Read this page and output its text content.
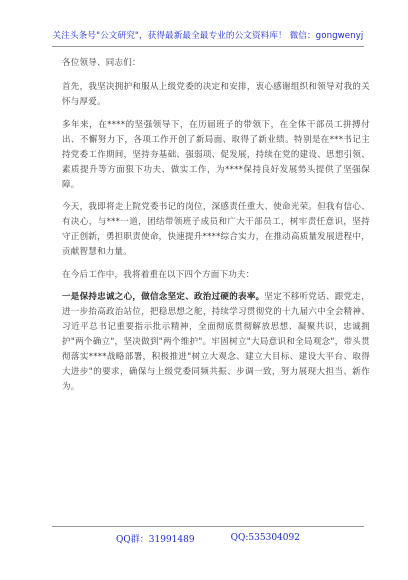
关注头条号"公文研究"，获得最新最全最专业的公文资料库！ 微信：gongwenyj

各位领导、同志们：

首先，我坚决拥护和服从上级党委的决定和安排，衷心感谢组织和领导对我的关怀与厚爱。

多年来，在****的坚强领导下，在历届班子的带领下，在全体干部员工拼搏付出、不懈努力下，各项工作开创了新局面、取得了新业绩。特别是在***书记主持党委工作期间，坚持夯基础、强弱项、促发展，持续在党的建设、思想引领、素质提升等方面狠下功夫、做实工作，为****保持良好发展势头提供了坚强保障。

今天，我即将走上院党委书记的岗位，深感责任重大、使命光荣。但我有信心、有决心，与***一道，团结带领班子成员和广大干部员工，树牢责任意识，坚持守正创新，勇担职责使命，快速提升****综合实力，在推动高质量发展进程中，贡献智慧和力量。

在今后工作中，我将着重在以下四个方面下功夫：

一是保持忠诚之心，做信念坚定、政治过硬的表率。坚定不移听党话、跟党走，进一步抬高政治站位，把稳思想之舵，持续学习贯彻党的十九届六中全会精神、习近平总书记重要指示批示精神，全面彻底贯彻解放思想、凝聚共识，忠诚拥护"两个确立"，坚决做到"两个维护"。牢固树立"大局意识和全局观念"，带头贯彻落实****战略部署，积极推进"树立大观念、建立大目标、建设大平台、取得大进步"的要求，确保与上级党委同频共振、步调一致，努力展现大担当、新作为。

QQ群：31991489	QQ:535304092
